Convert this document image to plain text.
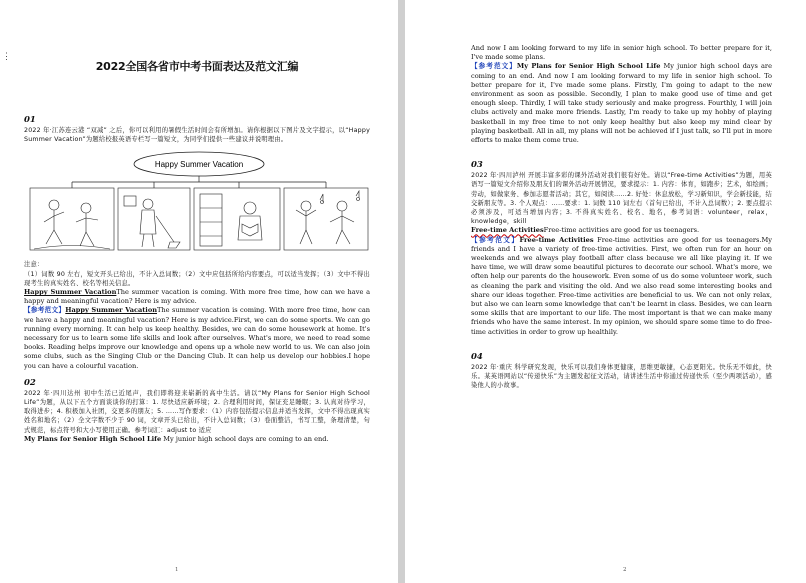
⋮
2022全国各省市中考书面表达及范文汇编
01

2022 年·江苏连云港 “双减” 之后，你可以利用的暑假生活时间会有所增加。请你根据以下图片及文字提示，以“Happy Summer Vacation”为题给校报英语专栏写一篇短文，为同学们提供一些建议并说明理由。

Happy Summer Vacation

注意：

（1）词数 90 左右，短文开头已给出，不计入总词数；（2）文中应包括所给内容要点，可以适当发挥；（3）文中不得出现考生的真实姓名、校名等相关信息。

Happy Summer VacationThe summer vacation is coming. With more free time, how can we have a happy and meaningful vacation? Here is my advice.

【参考范文】Happy Summer VacationThe summer vacation is coming. With more free time, how can we have a happy and meaningful vacation? Here is my advice.First, we can do some sports. We can go running every morning. It can help us keep healthy. Besides, we can do some housework at home. It's necessary for us to learn some life skills and look after ourselves. What's more, we need to read some books. Reading helps improve our knowledge and opens up a whole new world to us. We can also join some clubs, such as the Singing Club or the Dancing Club. It can help us develop our hobbies.I hope you can have a colourful vacation.

02

2022 年·四川达州 初中生活已近尾声，我们即将迎来崭新的高中生活。请以“My Plans for Senior High School Life”为题，从以下五个方面谈谈你的打算：1. 尽快适应新环境；2. 合理利用时间，保证充足睡眠；3. 认真对待学习，取得进步；4. 积极加入社团，交更多的朋友；5. ……写作要求：（1）内容包括提示信息并适当发挥，文中不得出现真实姓名和地名；（2）全文字数不少于 90 词，文章开头已给出，不计入总词数；（3）卷面整洁，书写工整，条理清楚，句式规范，标点符号和大小写使用正确。参考词汇：adjust to 适应

My Plans for Senior High School Life My junior high school days are coming to an end.

1

And now I am looking forward to my life in senior high school. To better prepare for it, I've made some plans.

【参考范文】My Plans for Senior High School Life My junior high school days are coming to an end. And now I am looking forward to my life in senior high school. To better prepare for it, I've made some plans. Firstly, I'm going to adapt to the new environment as soon as possible. Secondly, I plan to make good use of time and get enough sleep. Thirdly, I will take study seriously and make progress. Fourthly, I will join clubs actively and make more friends. Lastly, I'm ready to take up my hobby of playing basketball in my free time to not only keep healthy but also keep my mind clear by playing basketball. All in all, my plans will not be achieved if I just talk, so I'll put in more efforts to make them come true.

03

2022 年·四川泸州 开展丰富多彩的课外活动对我们很有好处。请以“Free-time Activities”为题，用英语写一篇短文介绍你及朋友们的课外活动开展情况，要求提示：1. 内容：体育，如跑步；艺术，如绘画；劳动，如做家务、参加志愿者活动；其它，如阅读……2. 好处：休息放松，学习新知识，学会新技能，结交新朋友等。3. 个人观点：……要求：1. 词数 110 词左右（首句已给出，不计入总词数）；2. 要点提示必须涉及，可适当增加内容；3. 不得真实姓名、校名、地名，参考词语：volunteer，relax，knowledge，skill

Free-time ActivitiesFree-time activities are good for us teenagers.

【参考范文】Free-time Activities Free-time activities are good for us teenagers.My friends and I have a variety of free-time activities. First, we often run for an hour on weekends and we always play football after class because we all like playing it. If we have time, we will draw some beautiful pictures to decorate our school. What's more, we often help our parents do the housework. Even some of us do some volunteer work, such as cleaning the park and visiting the old. And we also read some interesting books and share our ideas together. Free-time activities are beneficial to us. We can not only relax, but also we can learn some knowledge that can't be learnt in class. Besides, we can learn some skills that are important to our life. The most important is that we can make many friends who have the same interest. In my opinion, we should spare some time to do free-time activities in order to grow up healthily.

04

2022 年·重庆 科学研究发现，快乐可以我们身体更健康，思维更敏捷，心态更阳光。快乐无不如此，快乐。某英语网站以“传递快乐”为主题发起征文活动，请讲述生活中你通过传递快乐（至少两项活动），感染他人的小故事。

2
